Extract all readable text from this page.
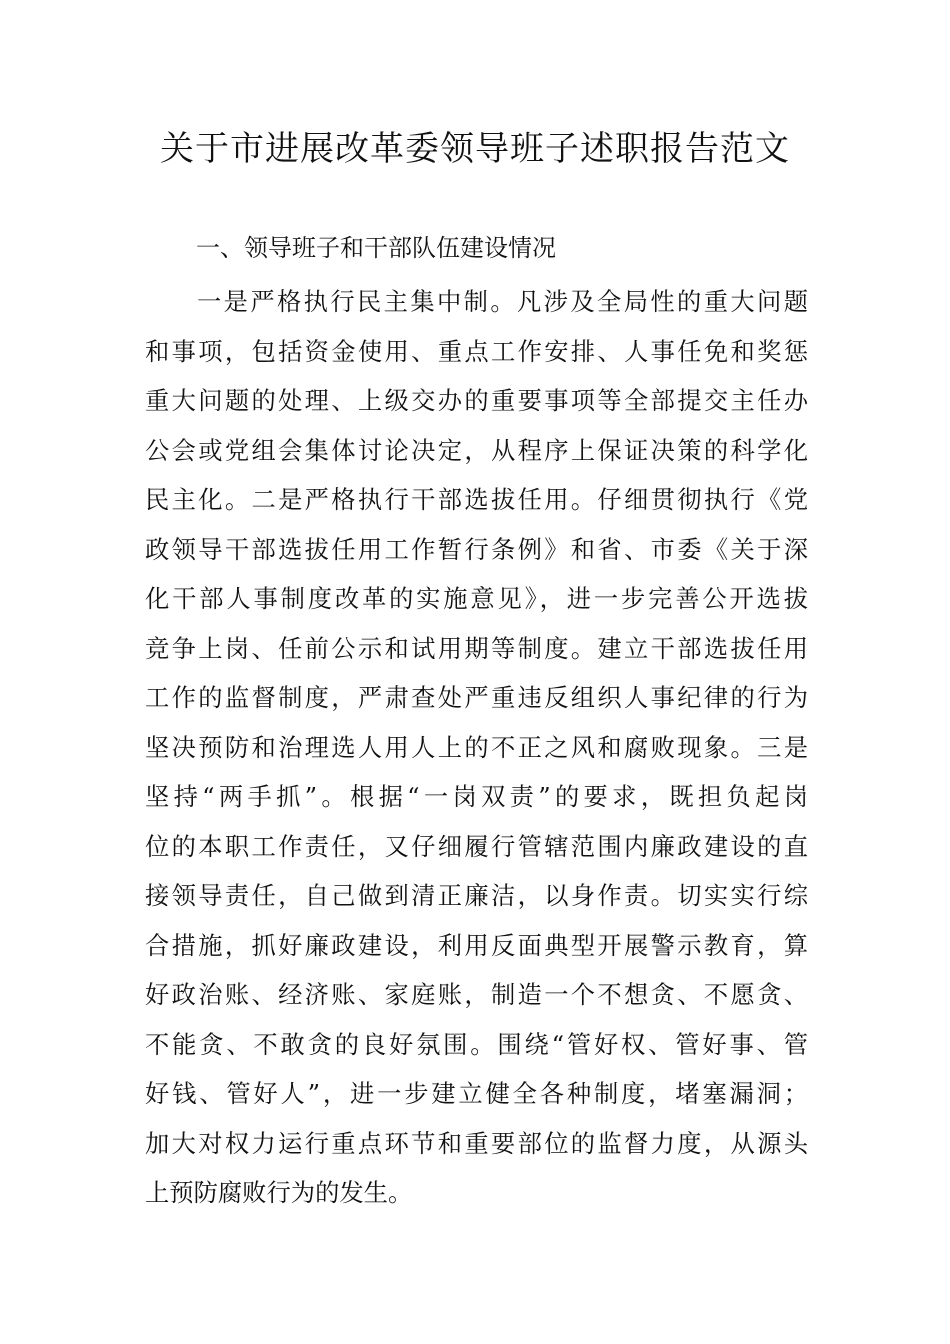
关于市进展改革委领导班子述职报告范文

一、领导班子和干部队伍建设情况

一是严格执行民主集中制。凡涉及全局性的重大问题
和事项，包括资金使用、重点工作安排、人事任免和奖惩
重大问题的处理、上级交办的重要事项等全部提交主任办
公会或党组会集体讨论决定，从程序上保证决策的科学化
民主化。二是严格执行干部选拔任用。仔细贯彻执行《党
政领导干部选拔任用工作暂行条例》和省、市委《关于深
化干部人事制度改革的实施意见》，进一步完善公开选拔
竞争上岗、任前公示和试用期等制度。建立干部选拔任用
工作的监督制度，严肃查处严重违反组织人事纪律的行为
坚决预防和治理选人用人上的不正之风和腐败现象。三是
坚持“两手抓”。根据“一岗双责”的要求，既担负起岗
位的本职工作责任，又仔细履行管辖范围内廉政建设的直
接领导责任，自己做到清正廉洁，以身作责。切实实行综
合措施，抓好廉政建设，利用反面典型开展警示教育，算
好政治账、经济账、家庭账，制造一个不想贪、不愿贪、
不能贪、不敢贪的良好氛围。围绕“管好权、管好事、管
好钱、管好人”，进一步建立健全各种制度，堵塞漏洞；
加大对权力运行重点环节和重要部位的监督力度，从源头
上预防腐败行为的发生。
